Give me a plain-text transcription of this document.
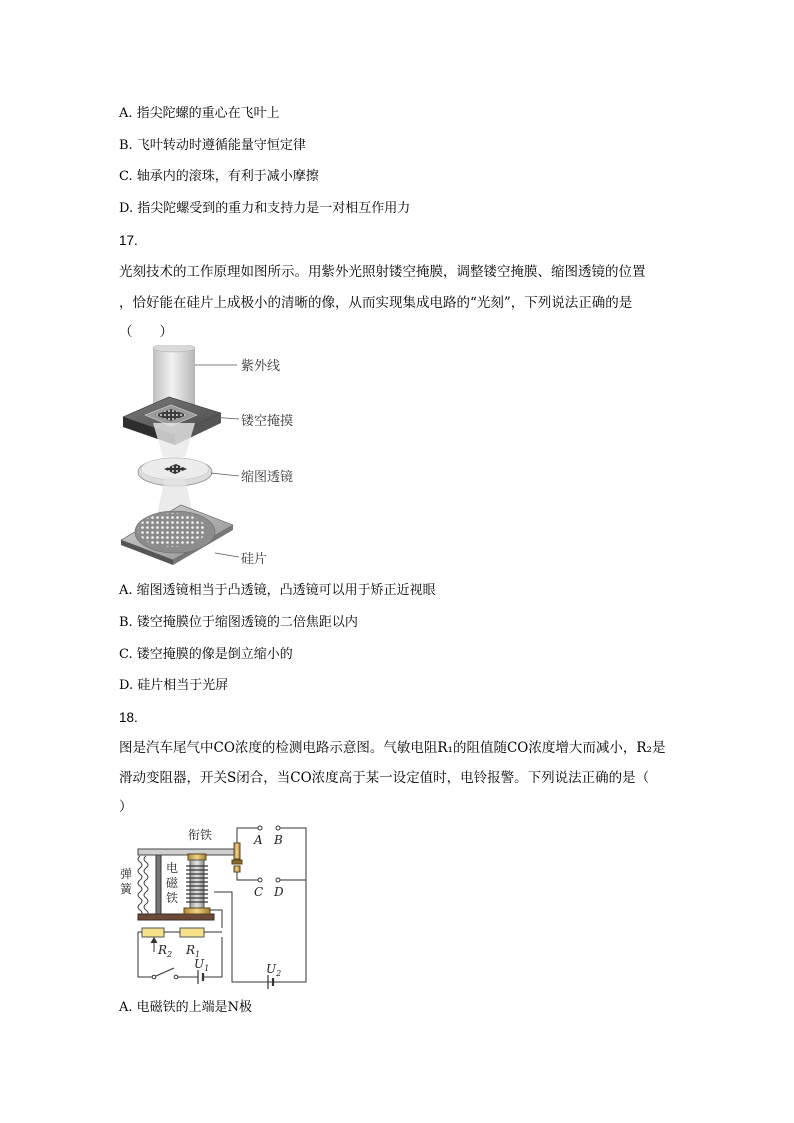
A. 指尖陀螺的重心在飞叶上
B. 飞叶转动时遵循能量守恒定律
C. 轴承内的滚珠，有利于减小摩擦
D. 指尖陀螺受到的重力和支持力是一对相互作用力
17.
光刻技术的工作原理如图所示。用紫外光照射镂空掩膜，调整镂空掩膜、缩图透镜的位置
，恰好能在硅片上成极小的清晰的像，从而实现集成电路的“光刻”，下列说法正确的是
（　　）
紫外线
镂空掩摸
缩图透镜
硅片
A. 缩图透镜相当于凸透镜，凸透镜可以用于矫正近视眼
B. 镂空掩膜位于缩图透镜的二倍焦距以内
C. 镂空掩膜的像是倒立缩小的
D. 硅片相当于光屏
18.
图是汽车尾气中CO浓度的检测电路示意图。气敏电阻R₁的阻值随CO浓度增大而减小，R₂是
滑动变阻器，开关S闭合，当CO浓度高于某一设定值时，电铃报警。下列说法正确的是（
）
衔铁	A B
C D
弹
簧
电
磁
铁
$R_2$ $R_1$
$U_1$	$U_2$
A. 电磁铁的上端是N极
